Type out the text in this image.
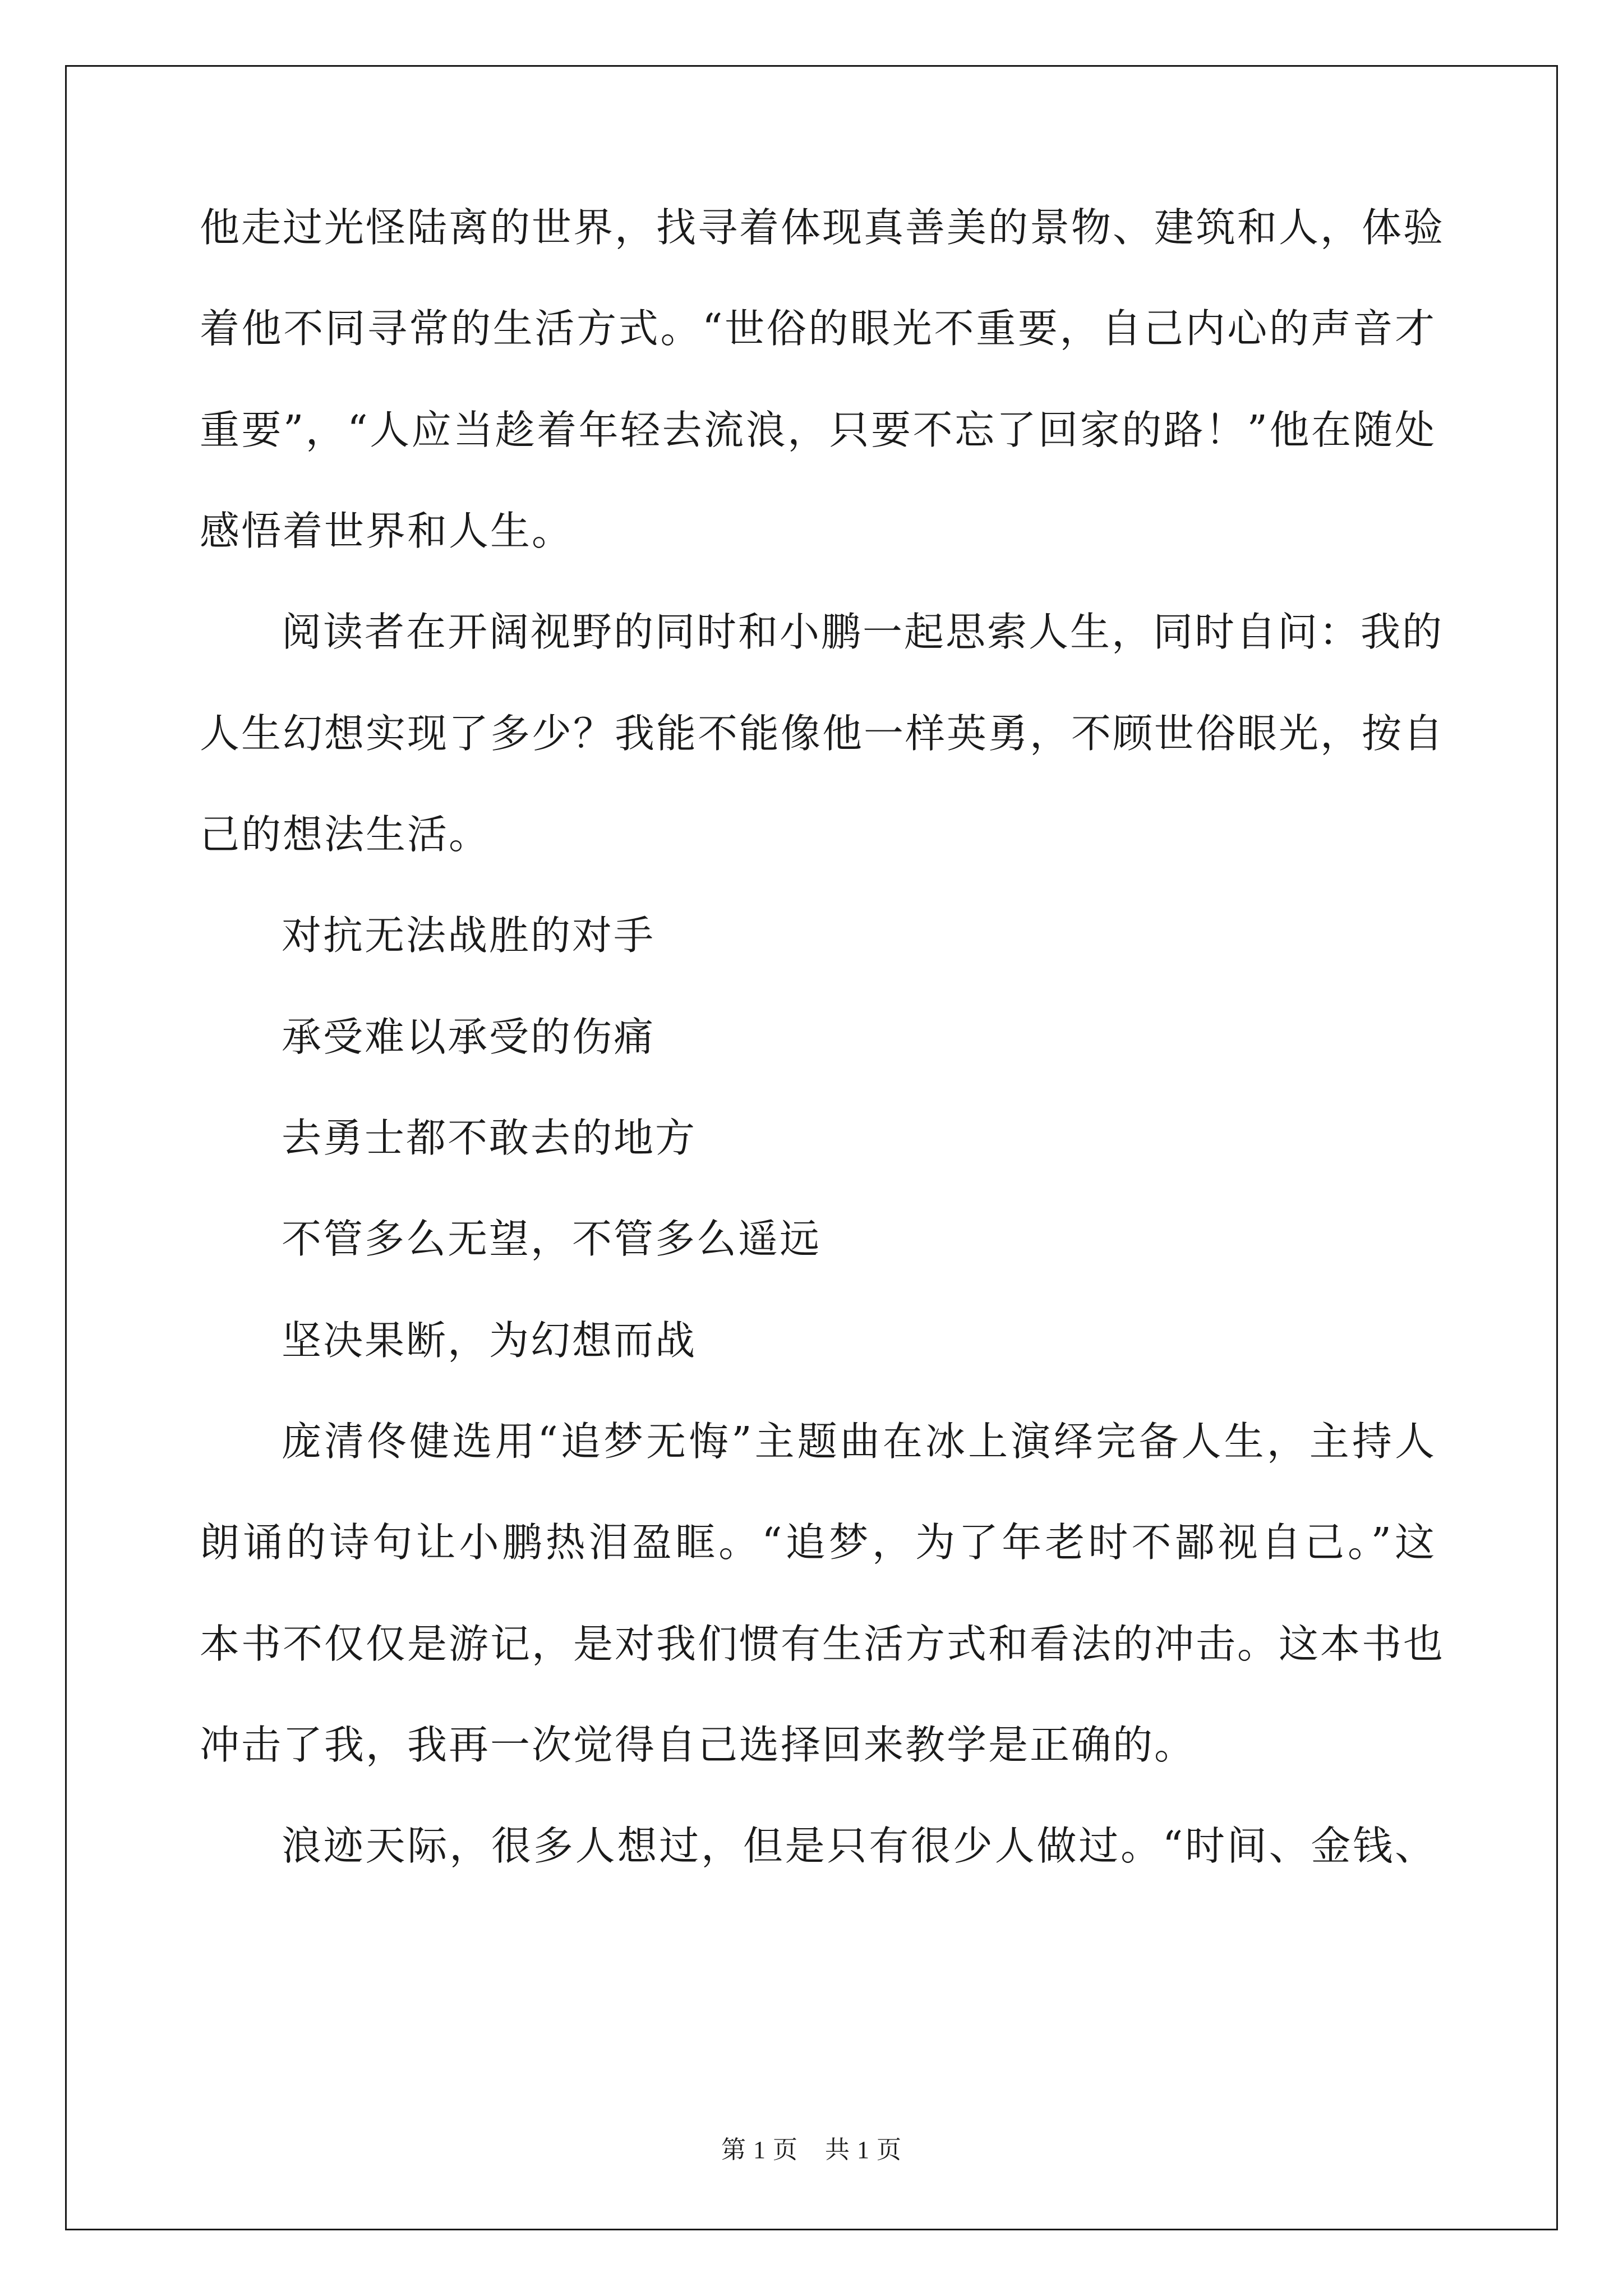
他走过光怪陆离的世界，找寻着体现真善美的景物、建筑和人，体验
着他不同寻常的生活方式。“世俗的眼光不重要，自己内心的声音才
重要”，“人应当趁着年轻去流浪，只要不忘了回家的路！”他在随处
感悟着世界和人生。
阅读者在开阔视野的同时和小鹏一起思索人生，同时自问：我的
人生幻想实现了多少？我能不能像他一样英勇，不顾世俗眼光，按自
己的想法生活。
对抗无法战胜的对手
承受难以承受的伤痛
去勇士都不敢去的地方
不管多么无望，不管多么遥远
坚决果断，为幻想而战
庞清佟健选用“追梦无悔”主题曲在冰上演绎完备人生，主持人
朗诵的诗句让小鹏热泪盈眶。“追梦，为了年老时不鄙视自己。”这
本书不仅仅是游记，是对我们惯有生活方式和看法的冲击。这本书也
冲击了我，我再一次觉得自己选择回来教学是正确的。
浪迹天际，很多人想过，但是只有很少人做过。“时间、金钱、
第 1 页    共 1 页
